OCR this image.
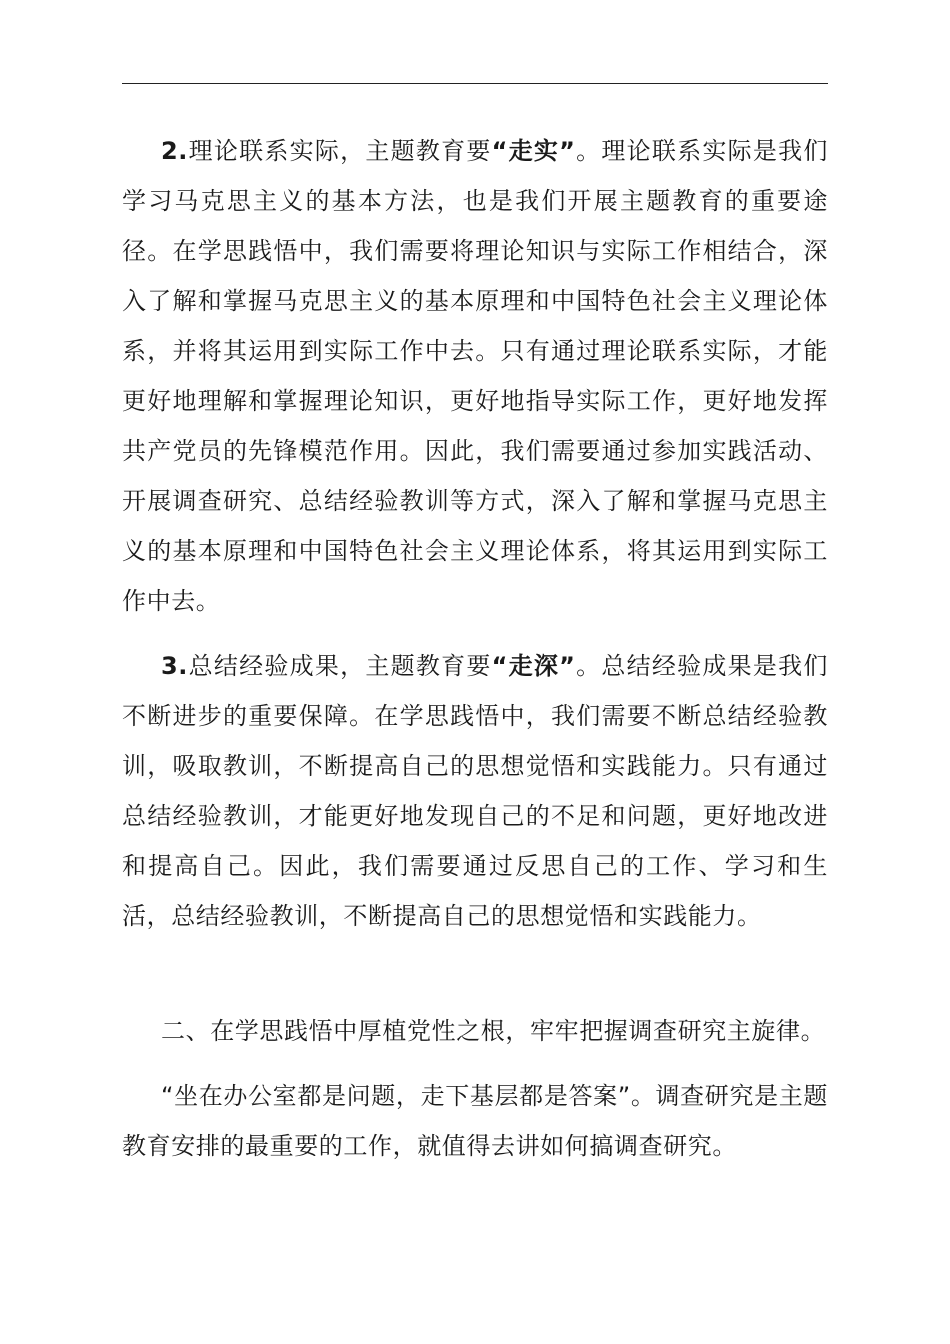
2.理论联系实际，主题教育要“走实”。理论联系实际是我们学习马克思主义的基本方法，也是我们开展主题教育的重要途径。在学思践悟中，我们需要将理论知识与实际工作相结合，深入了解和掌握马克思主义的基本原理和中国特色社会主义理论体系，并将其运用到实际工作中去。只有通过理论联系实际，才能更好地理解和掌握理论知识，更好地指导实际工作，更好地发挥共产党员的先锋模范作用。因此，我们需要通过参加实践活动、开展调查研究、总结经验教训等方式，深入了解和掌握马克思主义的基本原理和中国特色社会主义理论体系，将其运用到实际工作中去。

3.总结经验成果，主题教育要“走深”。总结经验成果是我们不断进步的重要保障。在学思践悟中，我们需要不断总结经验教训，吸取教训，不断提高自己的思想觉悟和实践能力。只有通过总结经验教训，才能更好地发现自己的不足和问题，更好地改进和提高自己。因此，我们需要通过反思自己的工作、学习和生活，总结经验教训，不断提高自己的思想觉悟和实践能力。

二、在学思践悟中厚植党性之根，牢牢把握调查研究主旋律。

“坐在办公室都是问题，走下基层都是答案”。调查研究是主题教育安排的最重要的工作，就值得去讲如何搞调查研究。
